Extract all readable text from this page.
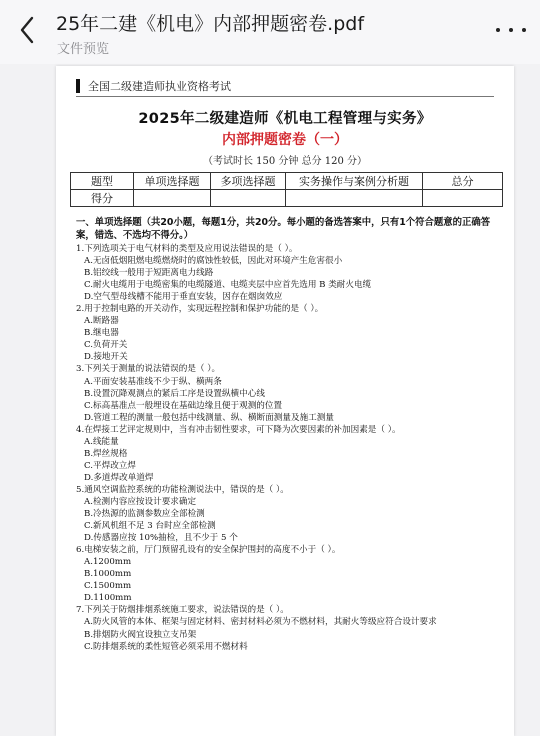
25年二建《机电》内部押题密卷.pdf
文件预览
全国二级建造师执业资格考试
2025年二级建造师《机电工程管理与实务》
内部押题密卷（一）
（考试时长 150 分钟 总分 120 分）
题型	单项选择题	多项选择题	实务操作与案例分析题	总分
得分				
一、单项选择题（共20小题，每题1分，共20分。每小题的备选答案中，只有1个符合题意的正确答案，错选、不选均不得分。）
1.下列选项关于电气材料的类型及应用说法错误的是（ ）。
A.无卤低烟阻燃电缆燃烧时的腐蚀性较低，因此对环境产生危害很小
B.铝绞线一般用于短距离电力线路
C.耐火电缆用于电缆密集的电缆隧道、电缆夹层中应首先选用 B 类耐火电缆
D.空气型母线槽不能用于垂直安装，因存在烟囱效应
2.用于控制电路的开关动作，实现远程控制和保护功能的是（ ）。
A.断路器
B.继电器
C.负荷开关
D.接地开关
3.下列关于测量的说法错误的是（ ）。
A.平面安装基准线不少于纵、横两条
B.设置沉降观测点的紧后工序是设置纵横中心线
C.标高基准点一般埋设在基础边缘且便于观测的位置
D.管道工程的测量一般包括中线测量、纵、横断面测量及施工测量
4.在焊接工艺评定规则中，当有冲击韧性要求，可下降为次要因素的补加因素是（ ）。
A.线能量
B.焊丝规格
C.平焊改立焊
D.多道焊改单道焊
5.通风空调监控系统的功能检测说法中，错误的是（ ）。
A.检测内容应按设计要求确定
B.冷热源的监测参数应全部检测
C.新风机组不足 3 台时应全部检测
D.传感器应按 10%抽检，且不少于 5 个
6.电梯安装之前，厅门预留孔设有的安全保护围封的高度不小于（ ）。
A.1200mm
B.1000mm
C.1500mm
D.1100mm
7.下列关于防烟排烟系统施工要求，说法错误的是（ ）。
A.防火风管的本体、框架与固定材料、密封材料必须为不燃材料，其耐火等级应符合设计要求
B.排烟防火阀宜设独立支吊架
C.防排烟系统的柔性短管必须采用不燃材料
